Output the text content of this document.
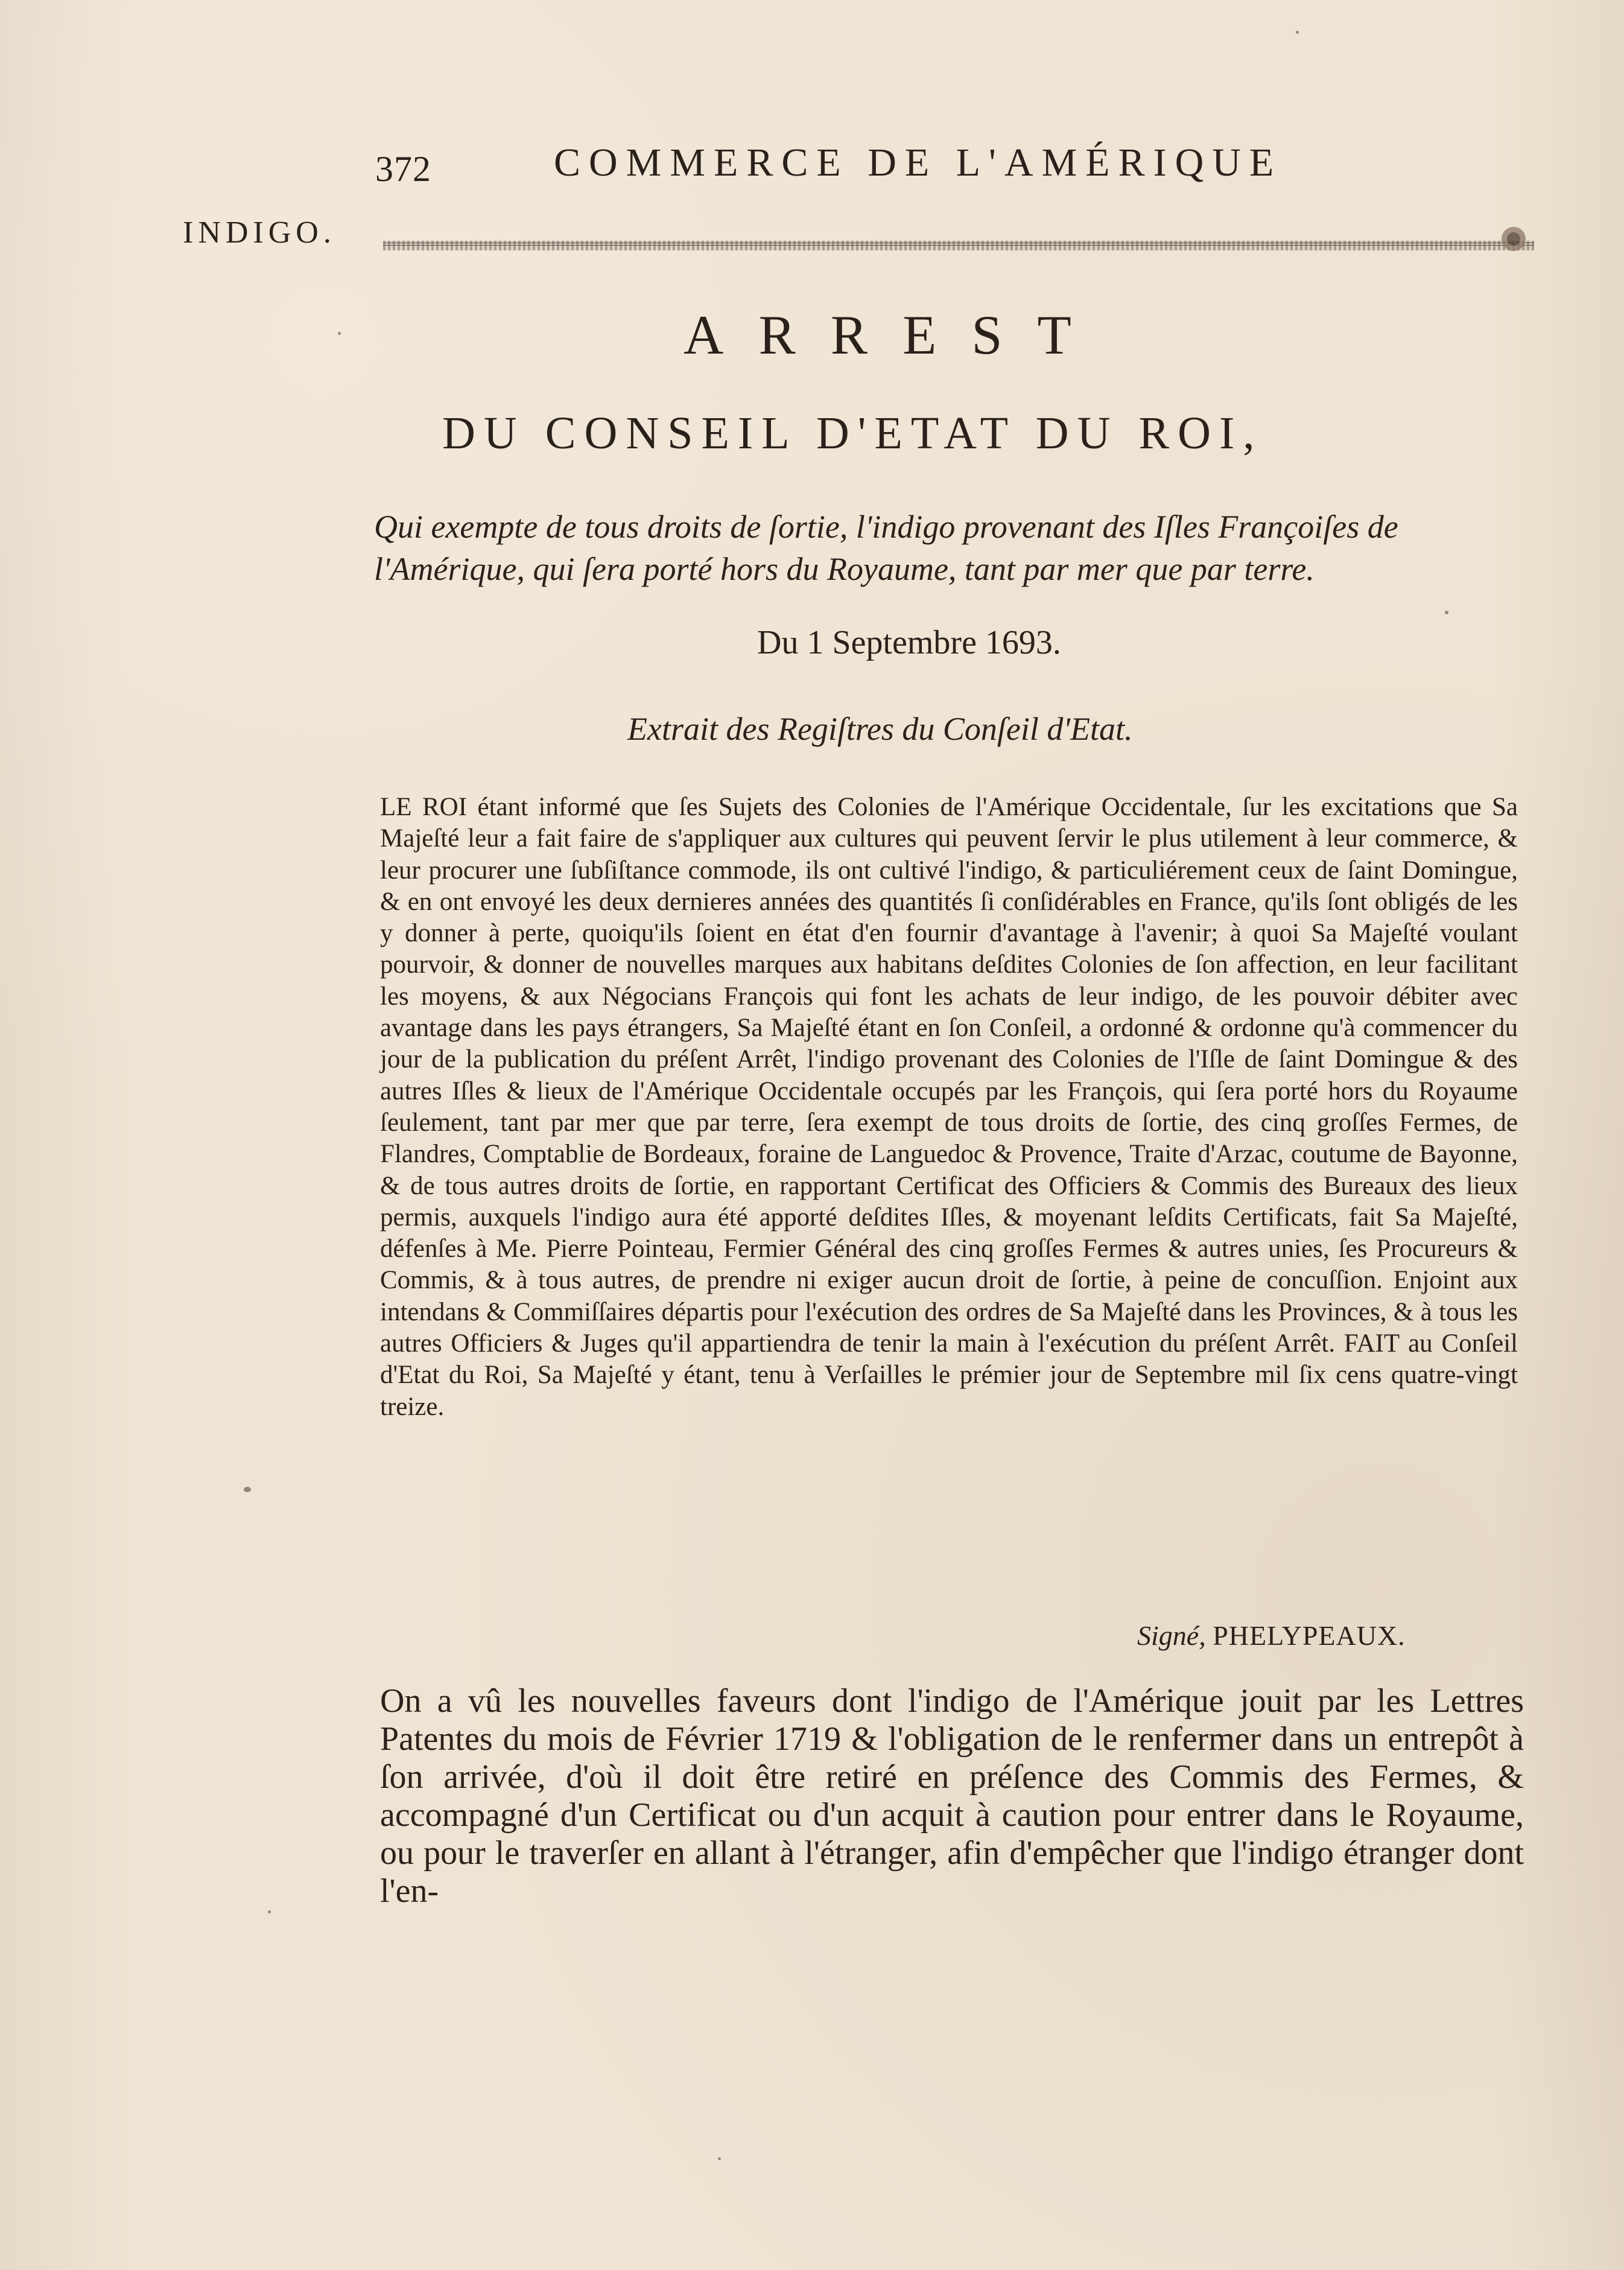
372	COMMERCE DE L'AMÉRIQUE
INDIGO.
ARREST
DU CONSEIL D'ETAT DU ROI,
Qui exempte de tous droits de ſortie, l'indigo provenant des Iſles Françoiſes de l'Amérique, qui ſera porté hors du Royaume, tant par mer que par terre.
Du 1 Septembre 1693.
Extrait des Regiſtres du Conſeil d'Etat.
LE ROI étant informé que ſes Sujets des Colonies de l'Amérique Occidentale, ſur les excitations que Sa Majeſté leur a fait faire de s'appliquer aux cultures qui peuvent ſervir le plus utilement à leur commerce, & leur procurer une ſubſiſtance commode, ils ont cultivé l'indigo, & particuliérement ceux de ſaint Domingue, & en ont envoyé les deux dernieres années des quantités ſi conſidérables en France, qu'ils ſont obligés de les y donner à perte, quoiqu'ils ſoient en état d'en fournir d'avantage à l'avenir; à quoi Sa Majeſté voulant pourvoir, & donner de nouvelles marques aux habitans deſdites Colonies de ſon affection, en leur facilitant les moyens, & aux Négocians François qui font les achats de leur indigo, de les pouvoir débiter avec avantage dans les pays étrangers, Sa Majeſté étant en ſon Conſeil, a ordonné & ordonne qu'à commencer du jour de la publication du préſent Arrêt, l'indigo provenant des Colonies de l'Iſle de ſaint Domingue & des autres Iſles & lieux de l'Amérique Occidentale occupés par les François, qui ſera porté hors du Royaume ſeulement, tant par mer que par terre, ſera exempt de tous droits de ſortie, des cinq groſſes Fermes, de Flandres, Comptablie de Bordeaux, foraine de Languedoc & Provence, Traite d'Arzac, coutume de Bayonne, & de tous autres droits de ſortie, en rapportant Certificat des Officiers & Commis des Bureaux des lieux permis, auxquels l'indigo aura été apporté deſdites Iſles, & moyenant leſdits Certificats, fait Sa Majeſté, défenſes à Me. Pierre Pointeau, Fermier Général des cinq groſſes Fermes & autres unies, ſes Procureurs & Commis, & à tous autres, de prendre ni exiger aucun droit de ſortie, à peine de concuſſion. Enjoint aux intendans & Commiſſaires départis pour l'exécution des ordres de Sa Majeſté dans les Provinces, & à tous les autres Officiers & Juges qu'il appartiendra de tenir la main à l'exécution du préſent Arrêt. FAIT au Conſeil d'Etat du Roi, Sa Majeſté y étant, tenu à Verſailles le prémier jour de Septembre mil ſix cens quatre-vingt treize.
Signé, PHELYPEAUX.
On a vû les nouvelles faveurs dont l'indigo de l'Amérique jouit par les Lettres Patentes du mois de Février 1719 & l'obligation de le renfermer dans un entrepôt à ſon arrivée, d'où il doit être retiré en préſence des Commis des Fermes, & accompagné d'un Certificat ou d'un acquit à caution pour entrer dans le Royaume, ou pour le traverſer en allant à l'étranger, afin d'empêcher que l'indigo étranger dont l'en-
